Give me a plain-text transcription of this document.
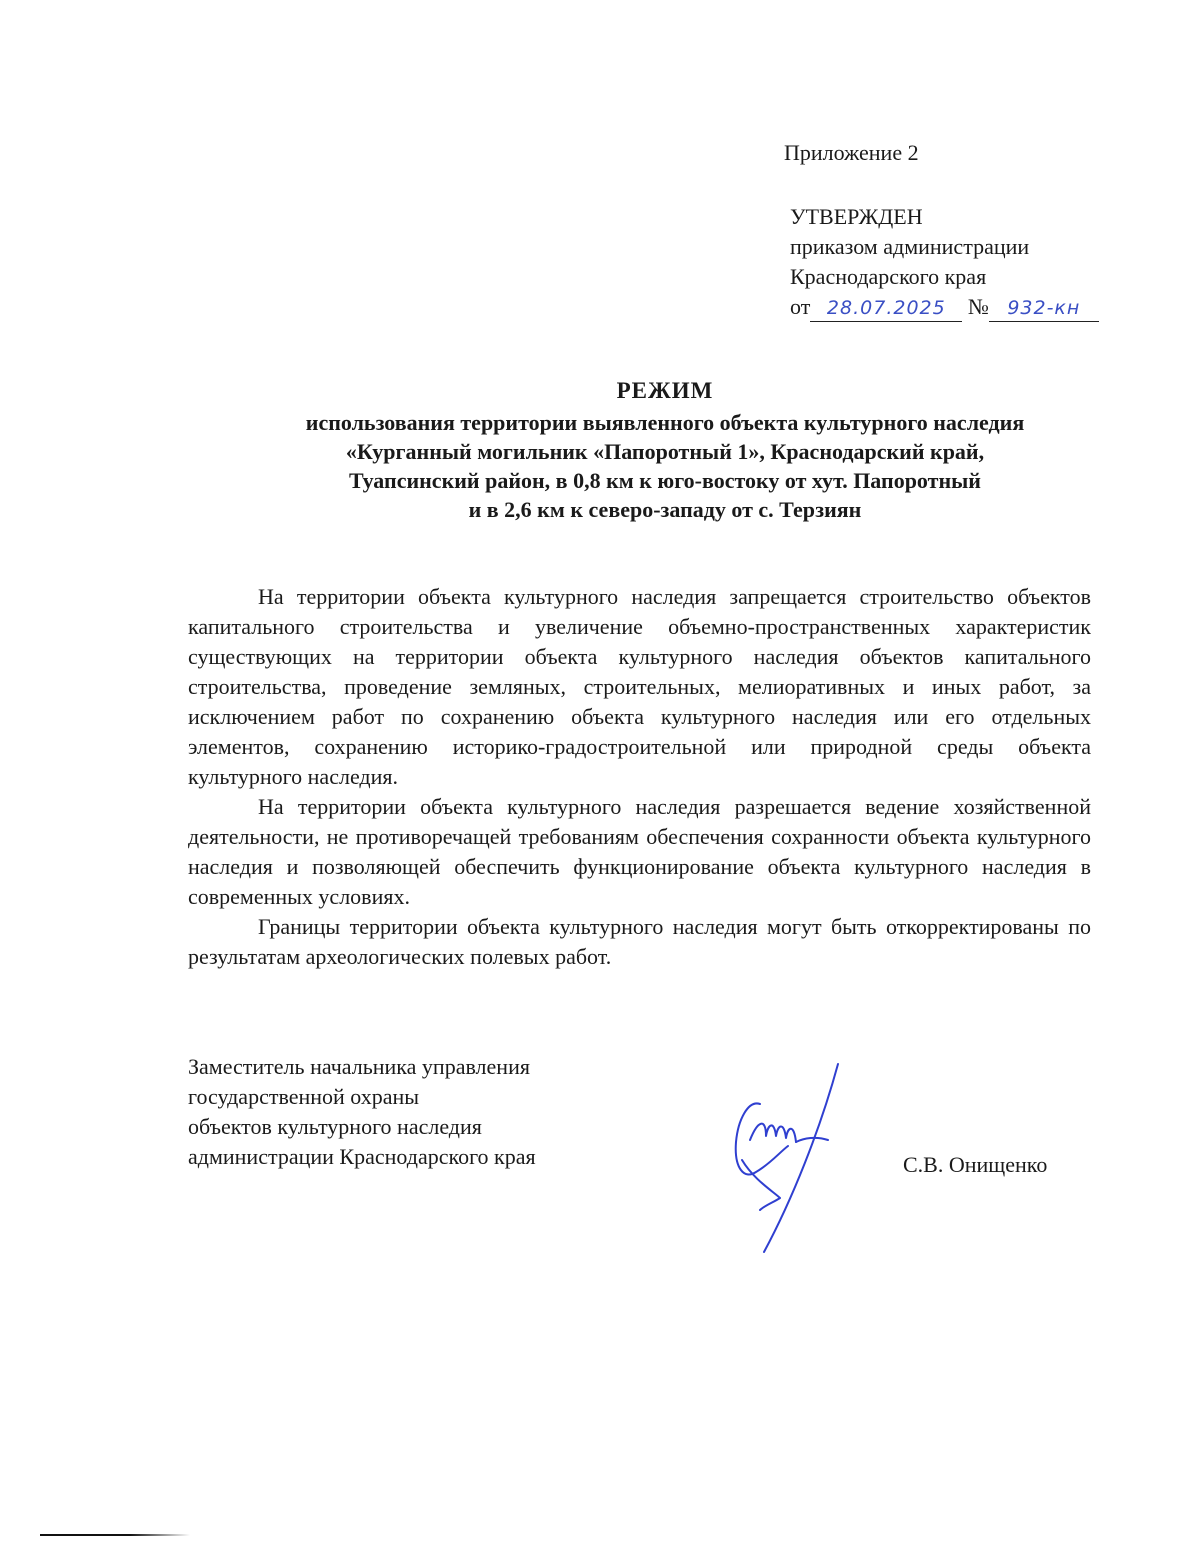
Приложение 2
УТВЕРЖДЕН
приказом администрации
Краснодарского края
от 28.07.2025 № 932-кн
РЕЖИМ
использования территории выявленного объекта культурного наследия
«Курганный могильник «Папоротный 1», Краснодарский край,
Туапсинский район, в 0,8 км к юго-востоку от хут. Папоротный
и в 2,6 км к северо-западу от с. Терзиян

На территории объекта культурного наследия запрещается строительство объектов капитального строительства и увеличение объемно-пространственных характеристик существующих на территории объекта культурного наследия объектов капитального строительства, проведение земляных, строительных, мелиоративных и иных работ, за исключением работ по сохранению объекта культурного наследия или его отдельных элементов, сохранению историко-градостроительной или природной среды объекта культурного наследия.

На территории объекта культурного наследия разрешается ведение хозяйственной деятельности, не противоречащей требованиям обеспечения сохранности объекта культурного наследия и позволяющей обеспечить функционирование объекта культурного наследия в современных условиях.

Границы территории объекта культурного наследия могут быть откорректированы по результатам археологических полевых работ.

Заместитель начальника управления
государственной охраны
объектов культурного наследия
администрации Краснодарского края	С.В. Онищенко
